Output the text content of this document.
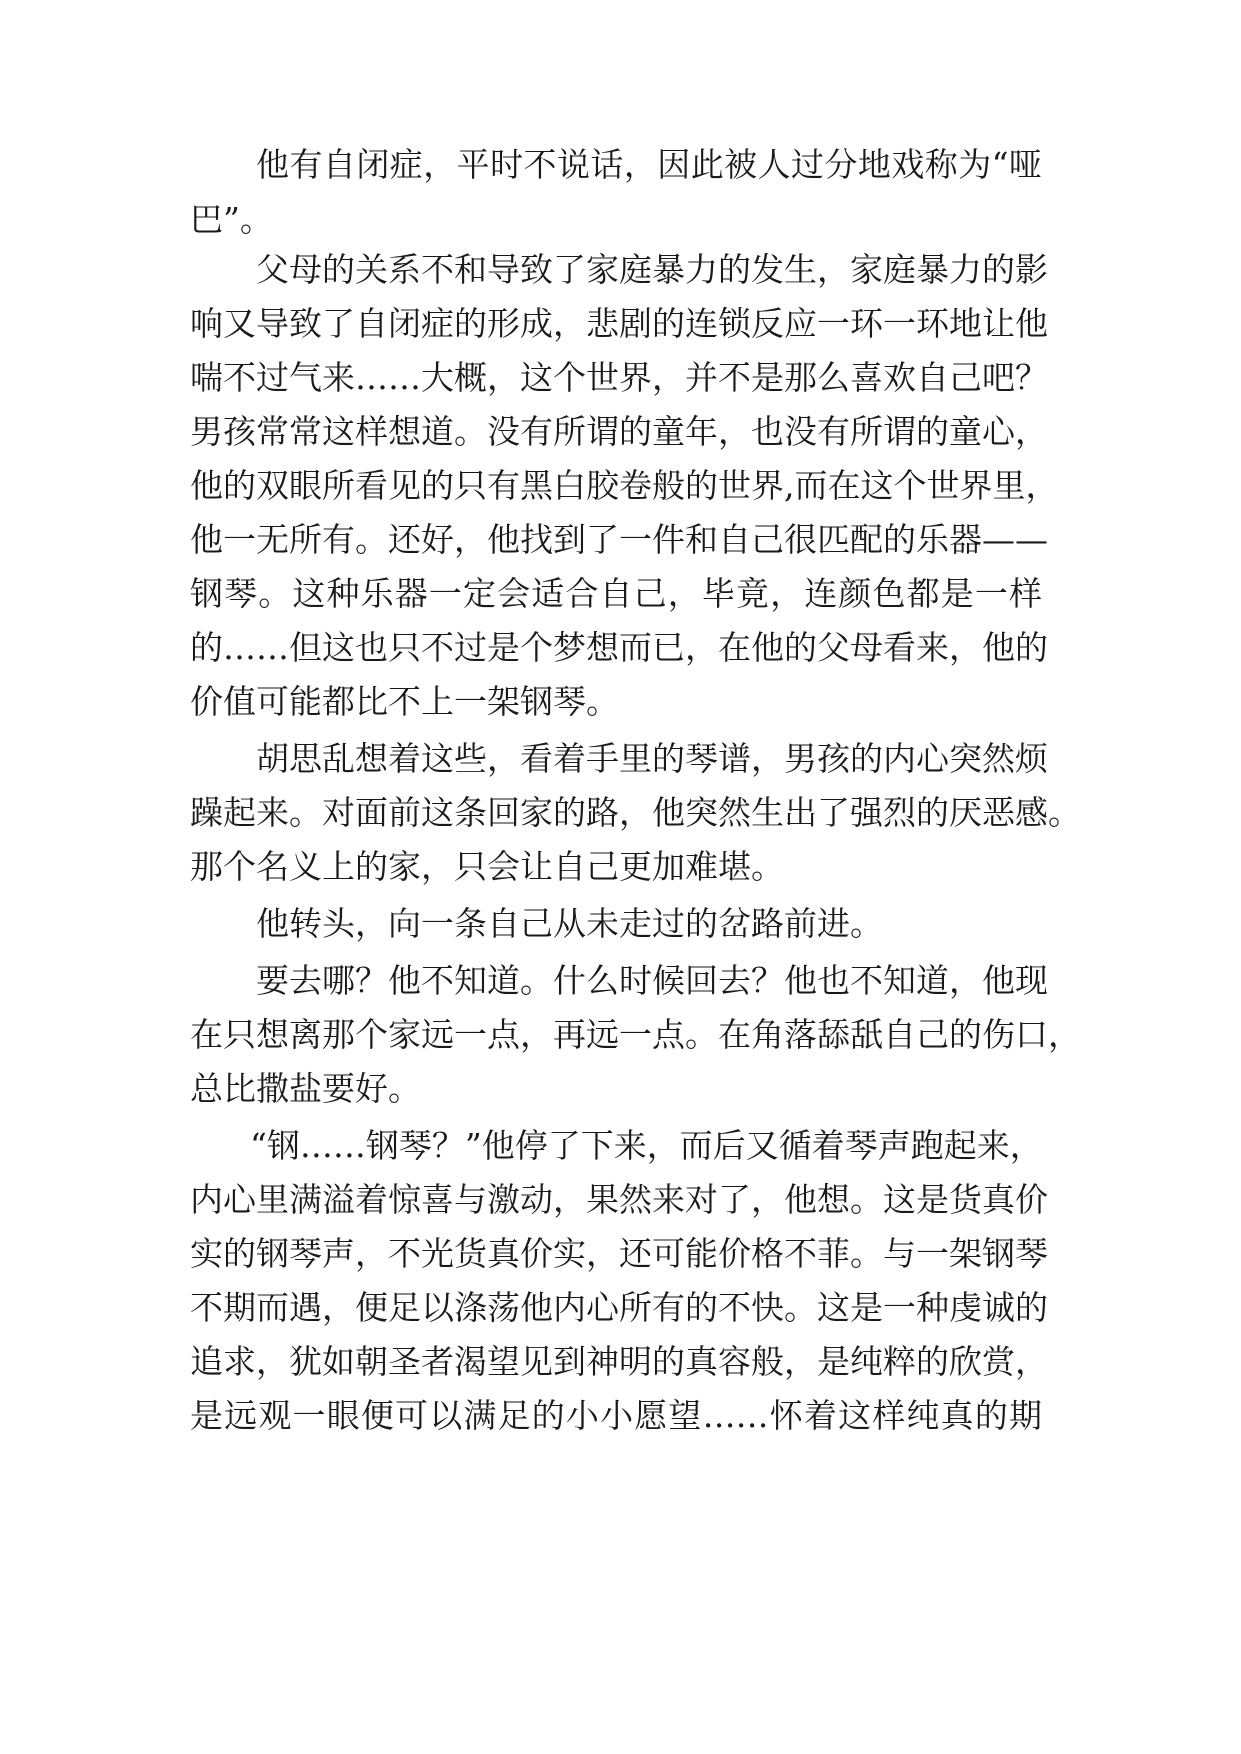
他有自闭症，平时不说话，因此被人过分地戏称为“哑
巴”。
父母的关系不和导致了家庭暴力的发生，家庭暴力的影
响又导致了自闭症的形成，悲剧的连锁反应一环一环地让他
喘不过气来……大概，这个世界，并不是那么喜欢自己吧？
男孩常常这样想道。没有所谓的童年，也没有所谓的童心，
他的双眼所看见的只有黑白胶卷般的世界,而在这个世界里，
他一无所有。还好，他找到了一件和自己很匹配的乐器——
钢琴。这种乐器一定会适合自己，毕竟，连颜色都是一样
的……但这也只不过是个梦想而已，在他的父母看来，他的
价值可能都比不上一架钢琴。
胡思乱想着这些，看着手里的琴谱，男孩的内心突然烦
躁起来。对面前这条回家的路，他突然生出了强烈的厌恶感。
那个名义上的家，只会让自己更加难堪。
他转头，向一条自己从未走过的岔路前进。
要去哪？他不知道。什么时候回去？他也不知道，他现
在只想离那个家远一点，再远一点。在角落舔舐自己的伤口，
总比撒盐要好。
“钢……钢琴？”他停了下来，而后又循着琴声跑起来，
内心里满溢着惊喜与激动，果然来对了，他想。这是货真价
实的钢琴声，不光货真价实，还可能价格不菲。与一架钢琴
不期而遇，便足以涤荡他内心所有的不快。这是一种虔诚的
追求，犹如朝圣者渴望见到神明的真容般，是纯粹的欣赏，
是远观一眼便可以满足的小小愿望……怀着这样纯真的期
